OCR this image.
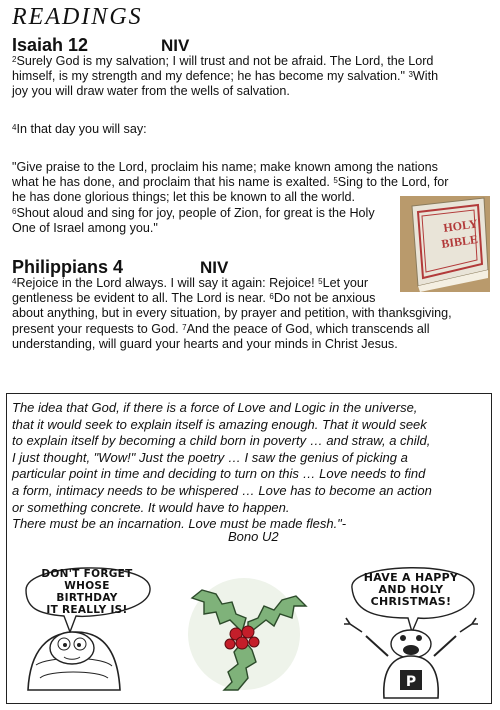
READINGS
Isaiah 12	NIV
$^2$Surely God is my salvation; I will trust and not be afraid. The Lord, the Lord
himself, is my strength and my defence; he has become my salvation." $^3$With
joy you will draw water from the wells of salvation.
$^4$In that day you will say:
"Give praise to the Lord, proclaim his name; make known among the nations
what he has done, and proclaim that his name is exalted. $^5$Sing to the Lord, for
he has done glorious things; let this be known to all the world.
$^6$Shout aloud and sing for joy, people of Zion, for great is the Holy
One of Israel among you."	HOLY
BIBLE
Philippians 4	NIV
$^4$Rejoice in the Lord always. I will say it again: Rejoice! $^5$Let your
gentleness be evident to all. The Lord is near. $^6$Do not be anxious
about anything, but in every situation, by prayer and petition, with thanksgiving,
present your requests to God. $^7$And the peace of God, which transcends all
understanding, will guard your hearts and your minds in Christ Jesus.
The idea that God, if there is a force of Love and Logic in the universe,
that it would seek to explain itself is amazing enough. That it would seek
to explain itself by becoming a child born in poverty … and straw, a child,
I just thought, "Wow!" Just the poetry … I saw the genius of picking a
particular point in time and deciding to turn on this … Love needs to find
a form, intimacy needs to be whispered … Love has to become an action
or something concrete. It would have to happen.
There must be an incarnation. Love must be made flesh."-
Bono U2
DON'T FORGET
WHOSE BIRTHDAY
IT REALLY IS!
P
HAVE A HAPPY
AND HOLY
CHRISTMAS!
